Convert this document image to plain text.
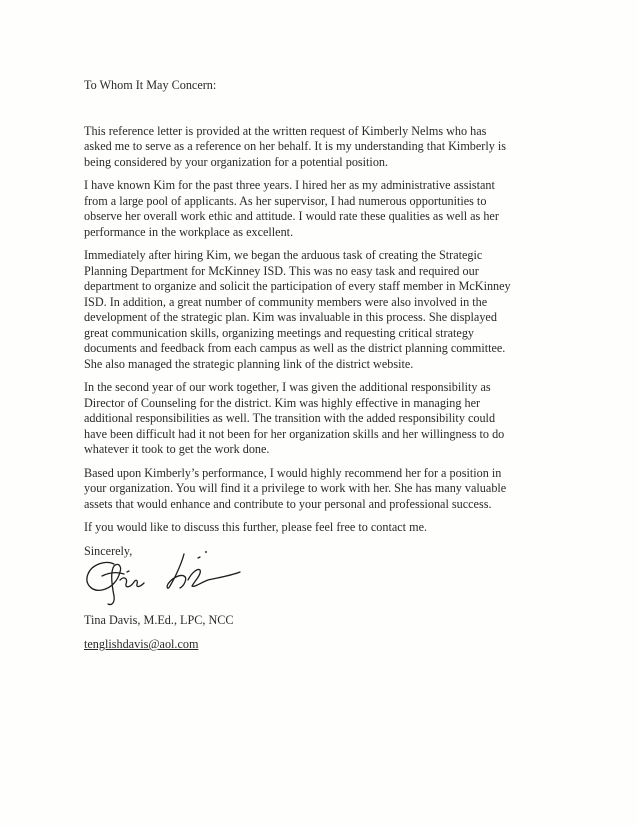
To Whom It May Concern:

This reference letter is provided at the written request of Kimberly Nelms who has
asked me to serve as a reference on her behalf. It is my understanding that Kimberly is
being considered by your organization for a potential position.
I have known Kim for the past three years. I hired her as my administrative assistant
from a large pool of applicants. As her supervisor, I had numerous opportunities to
observe her overall work ethic and attitude. I would rate these qualities as well as her
performance in the workplace as excellent.
Immediately after hiring Kim, we began the arduous task of creating the Strategic
Planning Department for McKinney ISD. This was no easy task and required our
department to organize and solicit the participation of every staff member in McKinney
ISD. In addition, a great number of community members were also involved in the
development of the strategic plan. Kim was invaluable in this process. She displayed
great communication skills, organizing meetings and requesting critical strategy
documents and feedback from each campus as well as the district planning committee.
She also managed the strategic planning link of the district website.
In the second year of our work together, I was given the additional responsibility as
Director of Counseling for the district. Kim was highly effective in managing her
additional responsibilities as well. The transition with the added responsibility could
have been difficult had it not been for her organization skills and her willingness to do
whatever it took to get the work done.
Based upon Kimberly’s performance, I would highly recommend her for a position in
your organization. You will find it a privilege to work with her. She has many valuable
assets that would enhance and contribute to your personal and professional success.
If you would like to discuss this further, please feel free to contact me.

Sincerely,

Tina Davis, M.Ed., LPC, NCC

tenglishdavis@aol.com
